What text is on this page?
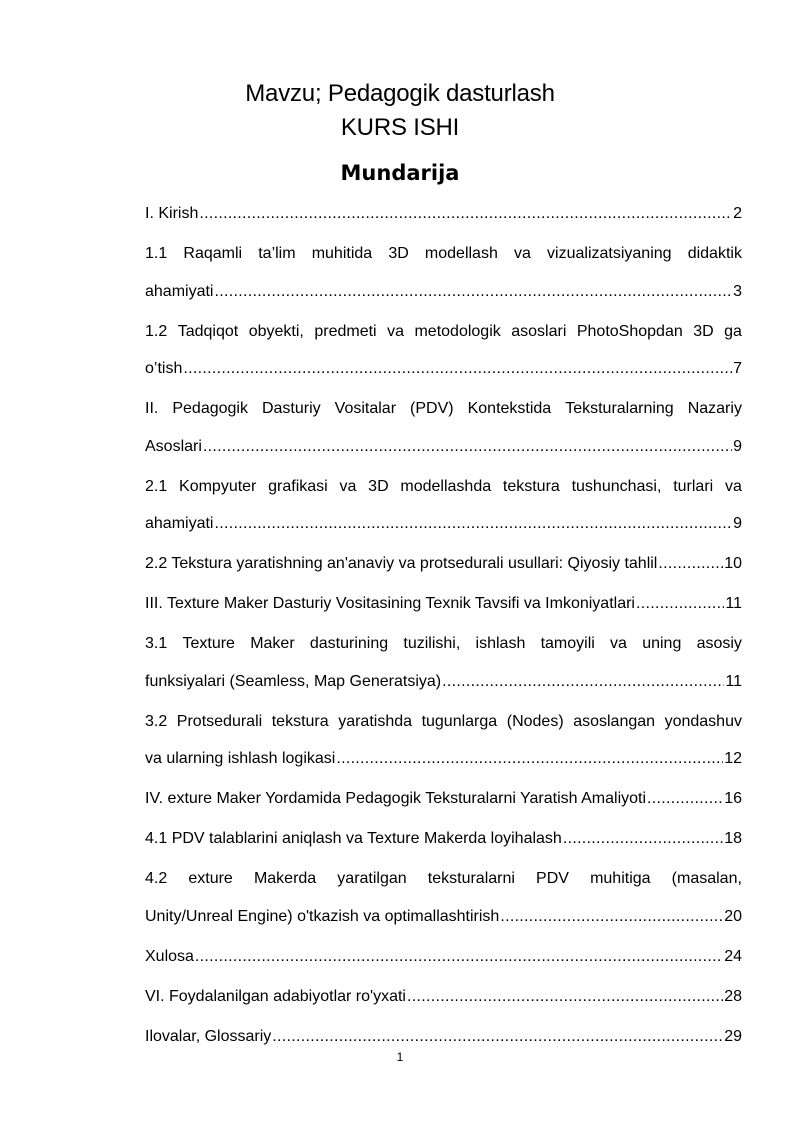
Mavzu; Pedagogik dasturlash
KURS ISHI
Mundarija
I. Kirish .....	2
1.1 Raqamli ta’lim muhitida 3D modellash va vizualizatsiyaning didaktik
ahamiyati .....	3
1.2 Tadqiqot obyekti, predmeti va metodologik asoslari PhotoShopdan 3D ga
o’tish .....	7
II. Pedagogik Dasturiy Vositalar (PDV) Kontekstida Teksturalarning Nazariy
Asoslari .....	9
2.1 Kompyuter grafikasi va 3D modellashda tekstura tushunchasi, turlari va
ahamiyati .....	9
2.2 Tekstura yaratishning an'anaviy va protsedurali usullari: Qiyosiy tahlil .....	10
III. Texture Maker Dasturiy Vositasining Texnik Tavsifi va Imkoniyatlari .....	11
3.1 Texture Maker dasturining tuzilishi, ishlash tamoyili va uning asosiy
funksiyalari (Seamless, Map Generatsiya) .....	11
3.2 Protsedurali tekstura yaratishda tugunlarga (Nodes) asoslangan yondashuv
va ularning ishlash logikasi .....	12
IV. exture Maker Yordamida Pedagogik Teksturalarni Yaratish Amaliyoti .....	16
4.1 PDV talablarini aniqlash va Texture Makerda loyihalash .....	18
4.2 exture Makerda yaratilgan teksturalarni PDV muhitiga (masalan,
Unity/Unreal Engine) o'tkazish va optimallashtirish .....	20
Xulosa .....	24
VI. Foydalanilgan adabiyotlar ro'yxati .....	28
Ilovalar, Glossariy .....	29
1
